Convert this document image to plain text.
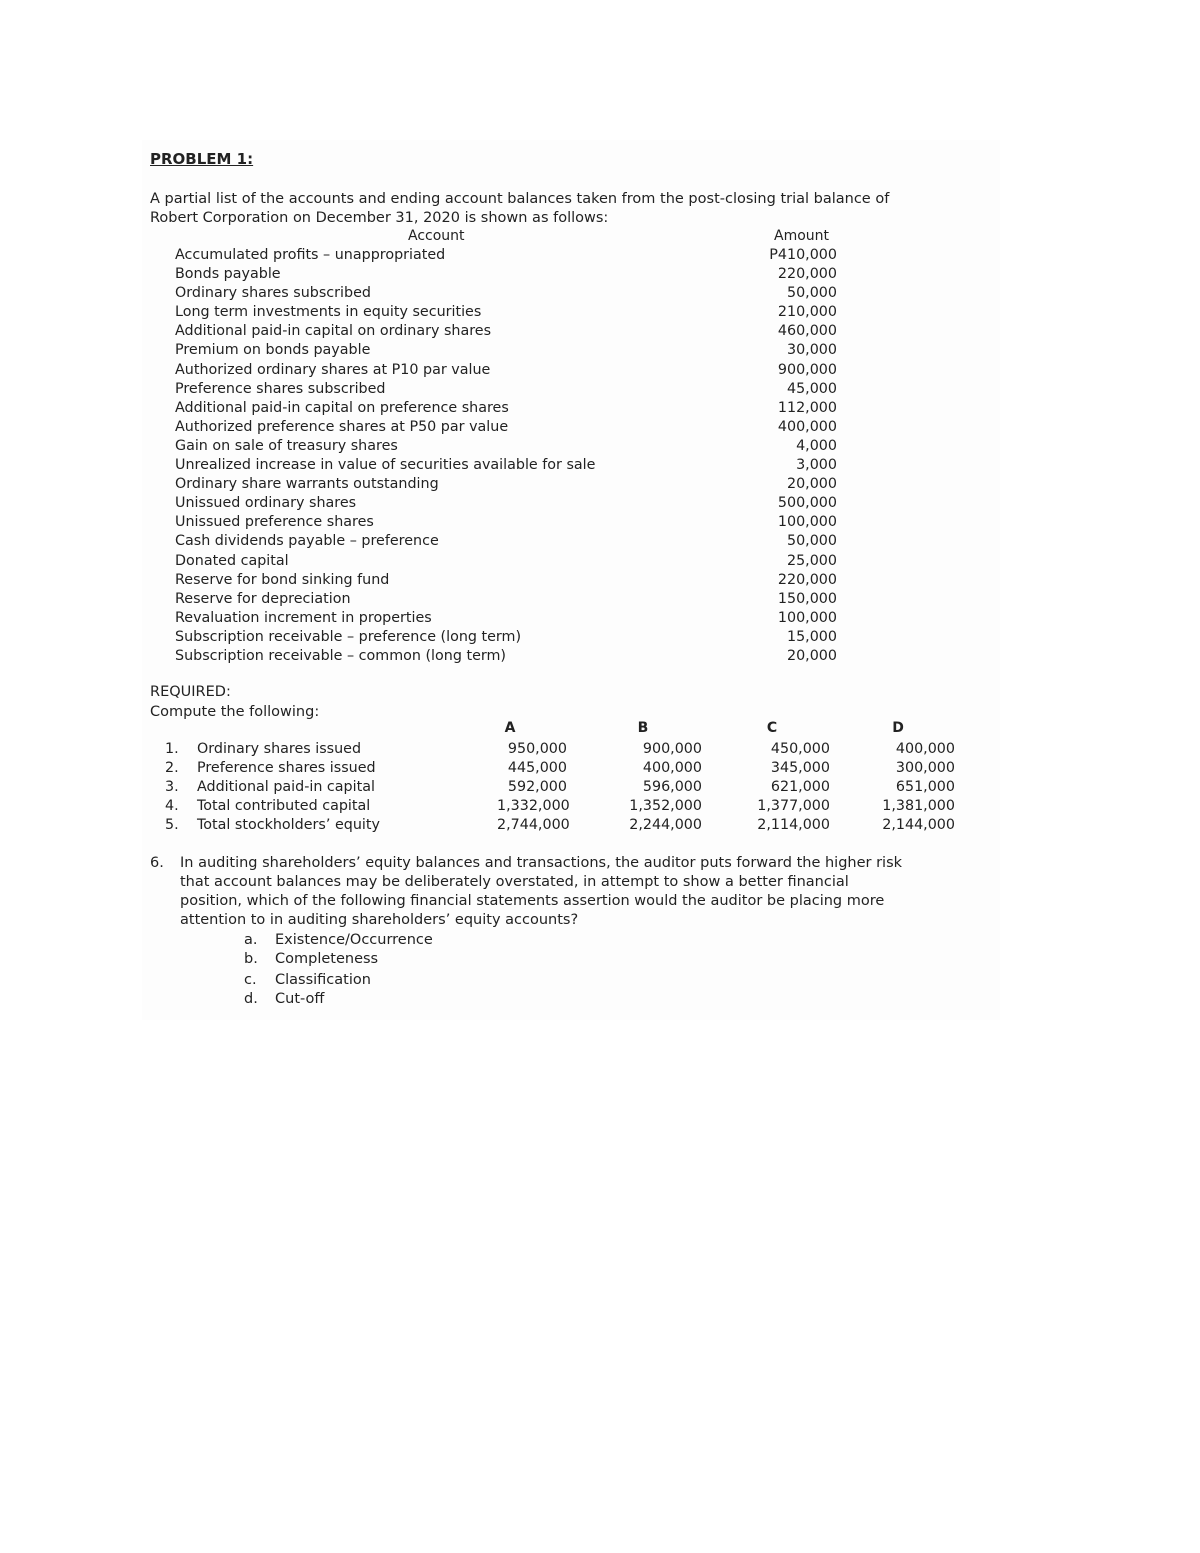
PROBLEM 1:
A partial list of the accounts and ending account balances taken from the post-closing trial balance of
Robert Corporation on December 31, 2020 is shown as follows:
Account	Amount
Accumulated profits – unappropriated	P410,000
Bonds payable	220,000
Ordinary shares subscribed	50,000
Long term investments in equity securities	210,000
Additional paid-in capital on ordinary shares	460,000
Premium on bonds payable	30,000
Authorized ordinary shares at P10 par value	900,000
Preference shares subscribed	45,000
Additional paid-in capital on preference shares	112,000
Authorized preference shares at P50 par value	400,000
Gain on sale of treasury shares	4,000
Unrealized increase in value of securities available for sale	3,000
Ordinary share warrants outstanding	20,000
Unissued ordinary shares	500,000
Unissued preference shares	100,000
Cash dividends payable – preference	50,000
Donated capital	25,000
Reserve for bond sinking fund	220,000
Reserve for depreciation	150,000
Revaluation increment in properties	100,000
Subscription receivable – preference (long term)	15,000
Subscription receivable – common (long term)	20,000
REQUIRED:
Compute the following:
A	B	C	D
1.	Ordinary shares issued	950,000	900,000	450,000	400,000
2.	Preference shares issued	445,000	400,000	345,000	300,000
3.	Additional paid-in capital	592,000	596,000	621,000	651,000
4.	Total contributed capital	1,332,000	1,352,000	1,377,000	1,381,000
5.	Total stockholders’ equity	2,744,000	2,244,000	2,114,000	2,144,000
6. In auditing shareholders’ equity balances and transactions, the auditor puts forward the higher risk
that account balances may be deliberately overstated, in attempt to show a better financial
position, which of the following financial statements assertion would the auditor be placing more
attention to in auditing shareholders’ equity accounts?
a.	Existence/Occurrence
b.	Completeness
c.	Classification
d.	Cut-off
